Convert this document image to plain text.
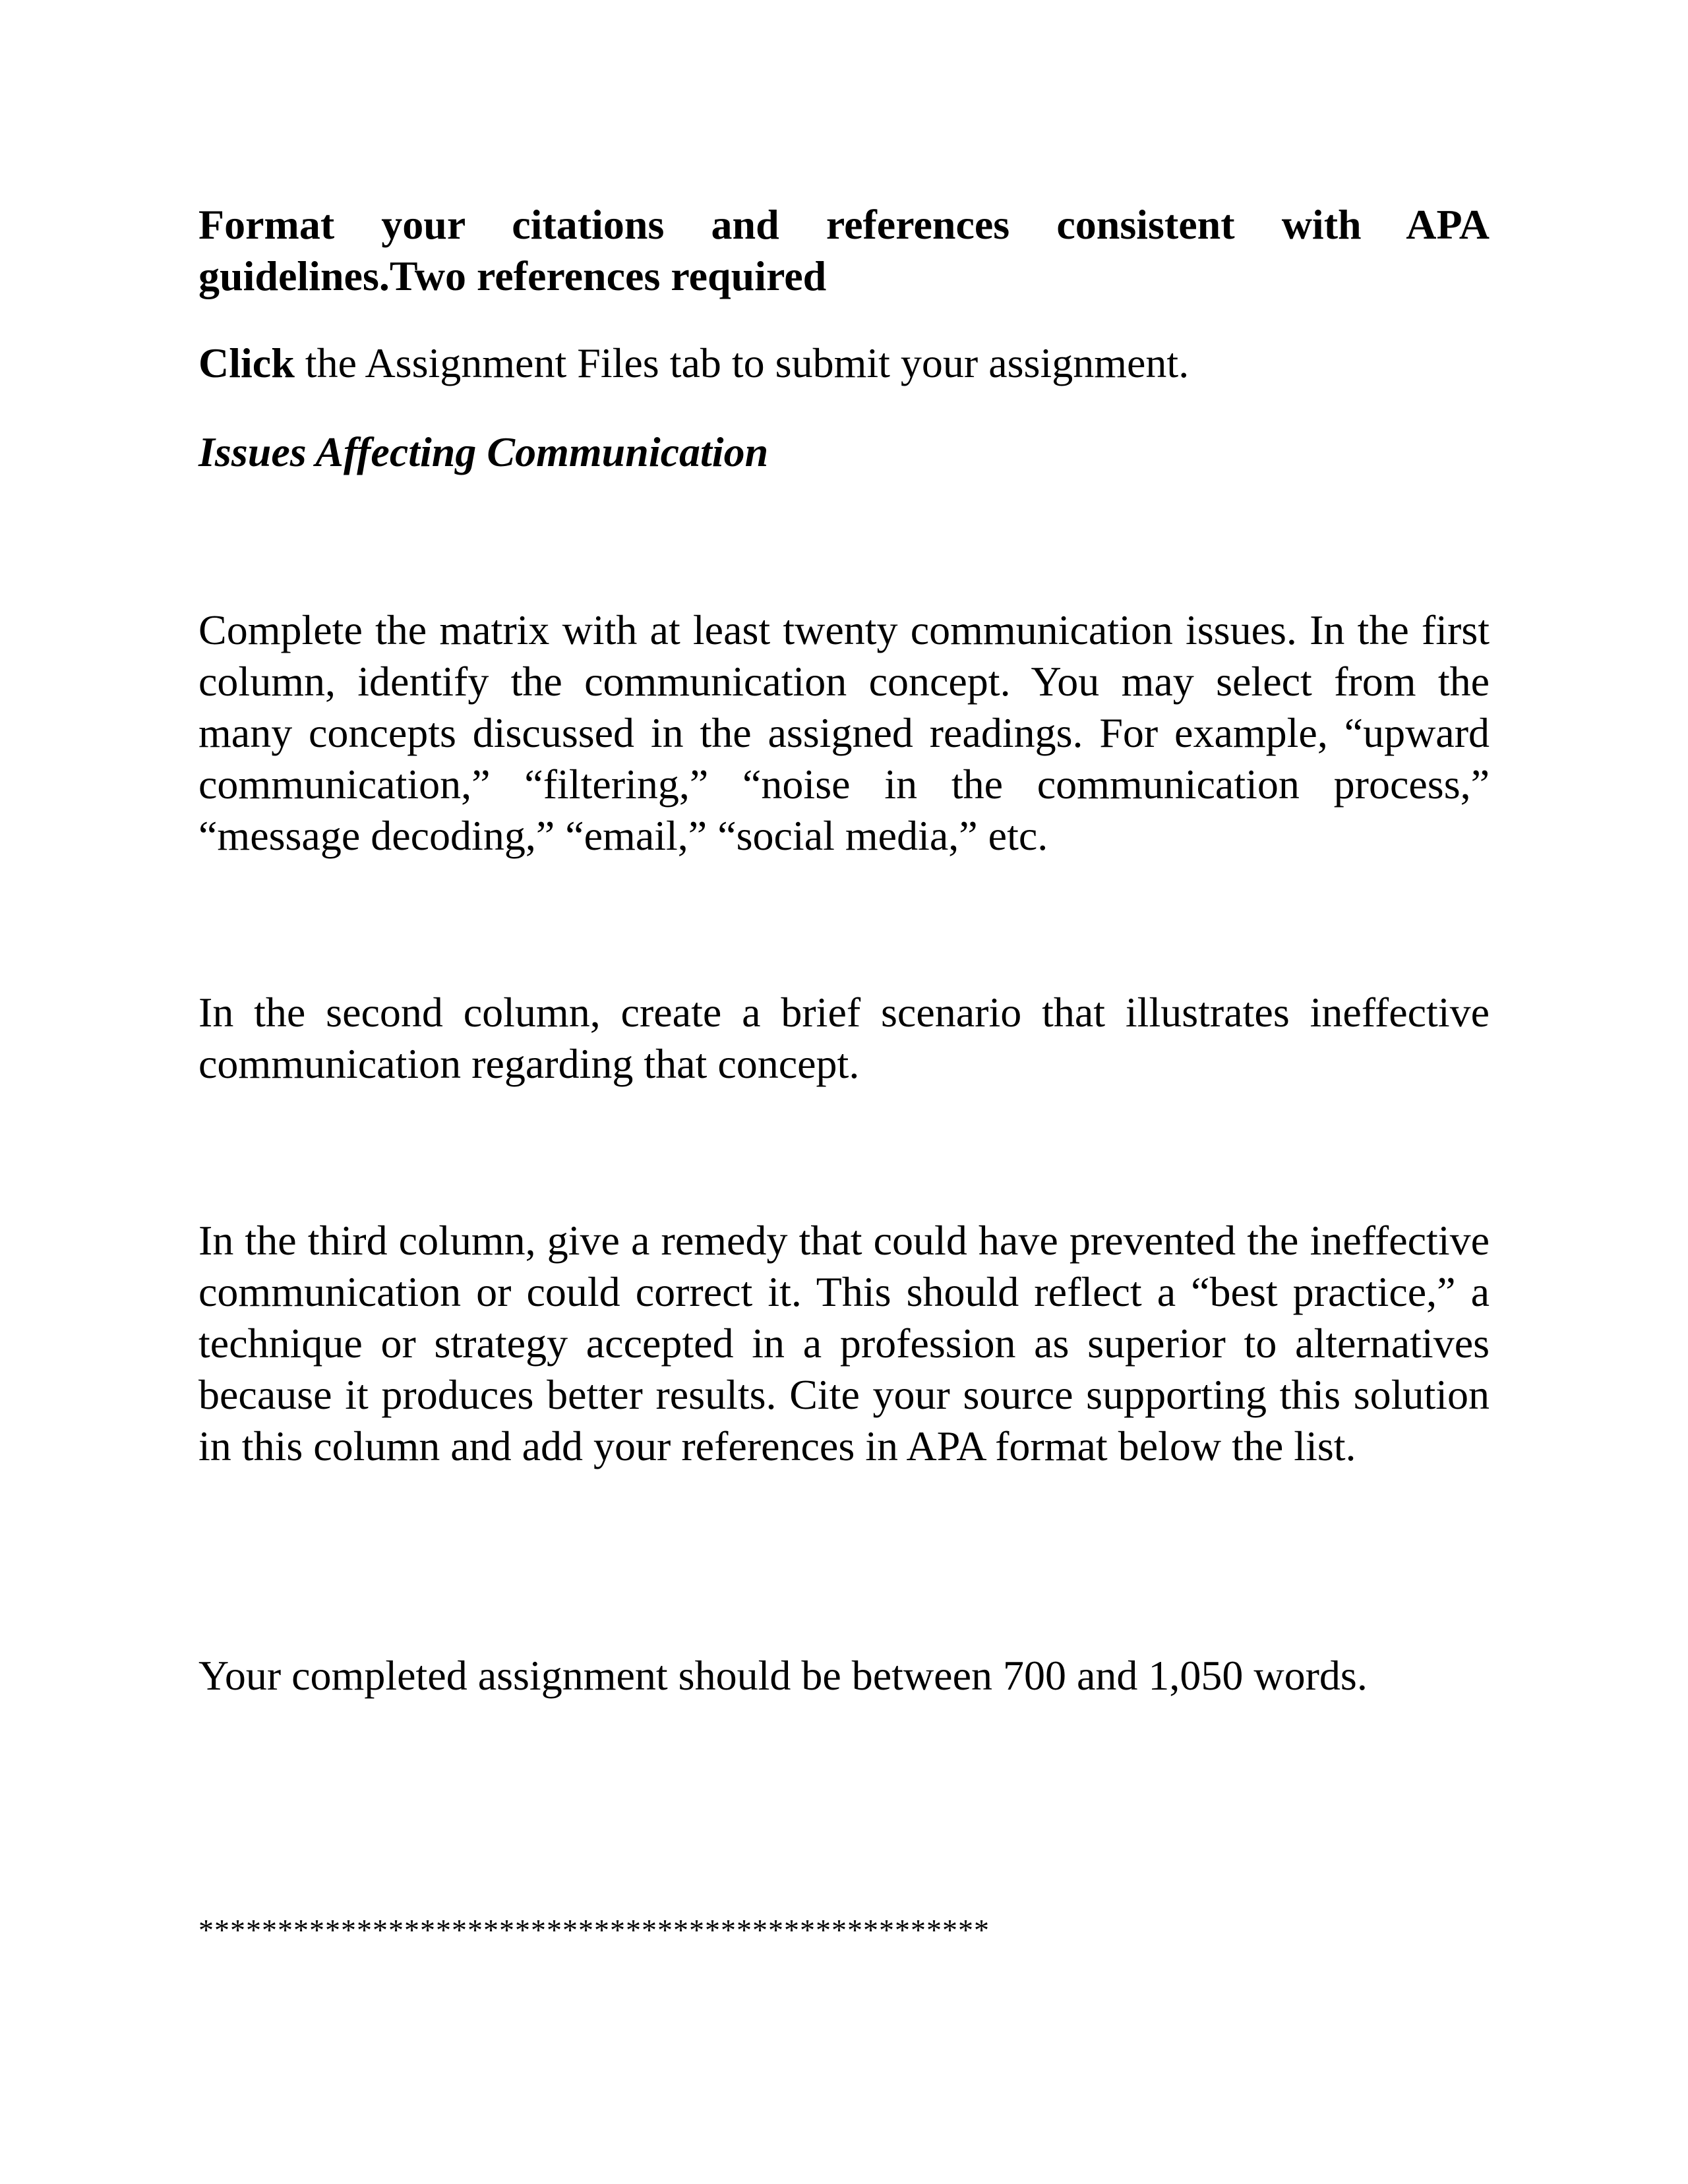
Format your citations and references consistent with APA guidelines.Two references required

Click the Assignment Files tab to submit your assignment.

Issues Affecting Communication

Complete the matrix with at least twenty communication issues. In the first column, identify the communication concept. You may select from the many concepts discussed in the assigned readings. For example, “upward communication,” “filtering,” “noise in the communication process,” “message decoding,” “email,” “social media,” etc.

In the second column, create a brief scenario that illustrates ineffective communication regarding that concept.

In the third column, give a remedy that could have prevented the ineffective communication or could correct it. This should reflect a “best practice,” a technique or strategy accepted in a profession as superior to alternatives because it produces better results. Cite your source supporting this solution in this column and add your references in APA format below the list.

Your completed assignment should be between 700 and 1,050 words.

**************************************************
